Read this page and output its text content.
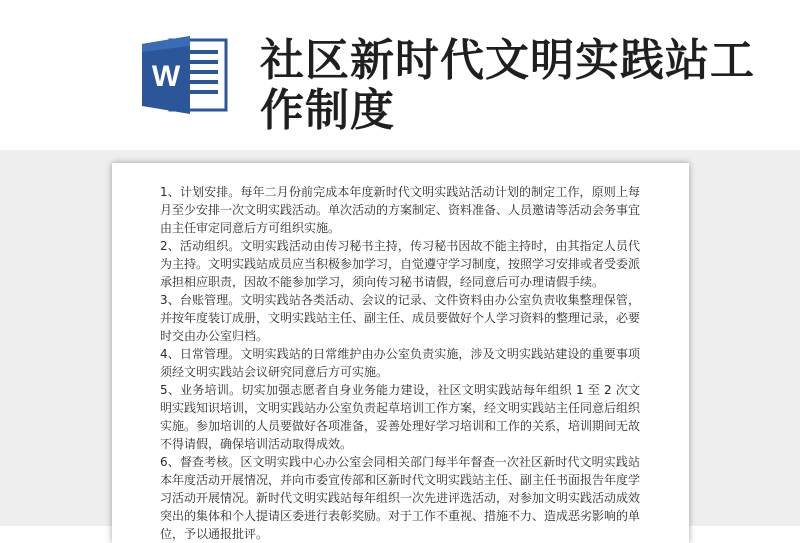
W 社区新时代文明实践站工作制度

1、计划安排。每年二月份前完成本年度新时代文明实践站活动计划的制定工作，原则上每月至少安排一次文明实践活动。单次活动的方案制定、资料准备、人员邀请等活动会务事宜由主任审定同意后方可组织实施。

2、活动组织。文明实践活动由传习秘书主持，传习秘书因故不能主持时，由其指定人员代为主持。文明实践站成员应当积极参加学习，自觉遵守学习制度，按照学习安排或者受委派承担相应职责，因故不能参加学习，须向传习秘书请假，经同意后可办理请假手续。

3、台账管理。文明实践站各类活动、会议的记录、文件资料由办公室负责收集整理保管，并按年度装订成册，文明实践站主任、副主任、成员要做好个人学习资料的整理记录，必要时交由办公室归档。

4、日常管理。文明实践站的日常维护由办公室负责实施，涉及文明实践站建设的重要事项须经文明实践站会议研究同意后方可实施。

5、业务培训。切实加强志愿者自身业务能力建设，社区文明实践站每年组织 1 至 2 次文明实践知识培训，文明实践站办公室负责起草培训工作方案，经文明实践站主任同意后组织实施。参加培训的人员要做好各项准备，妥善处理好学习培训和工作的关系，培训期间无故不得请假，确保培训活动取得成效。

6、督查考核。区文明实践中心办公室会同相关部门每半年督查一次社区新时代文明实践站本年度活动开展情况，并向市委宣传部和区新时代文明实践站主任、副主任书面报告年度学习活动开展情况。新时代文明实践站每年组织一次先进评选活动，对参加文明实践活动成效突出的集体和个人提请区委进行表彰奖励。对于工作不重视、措施不力、造成恶劣影响的单位，予以通报批评。
